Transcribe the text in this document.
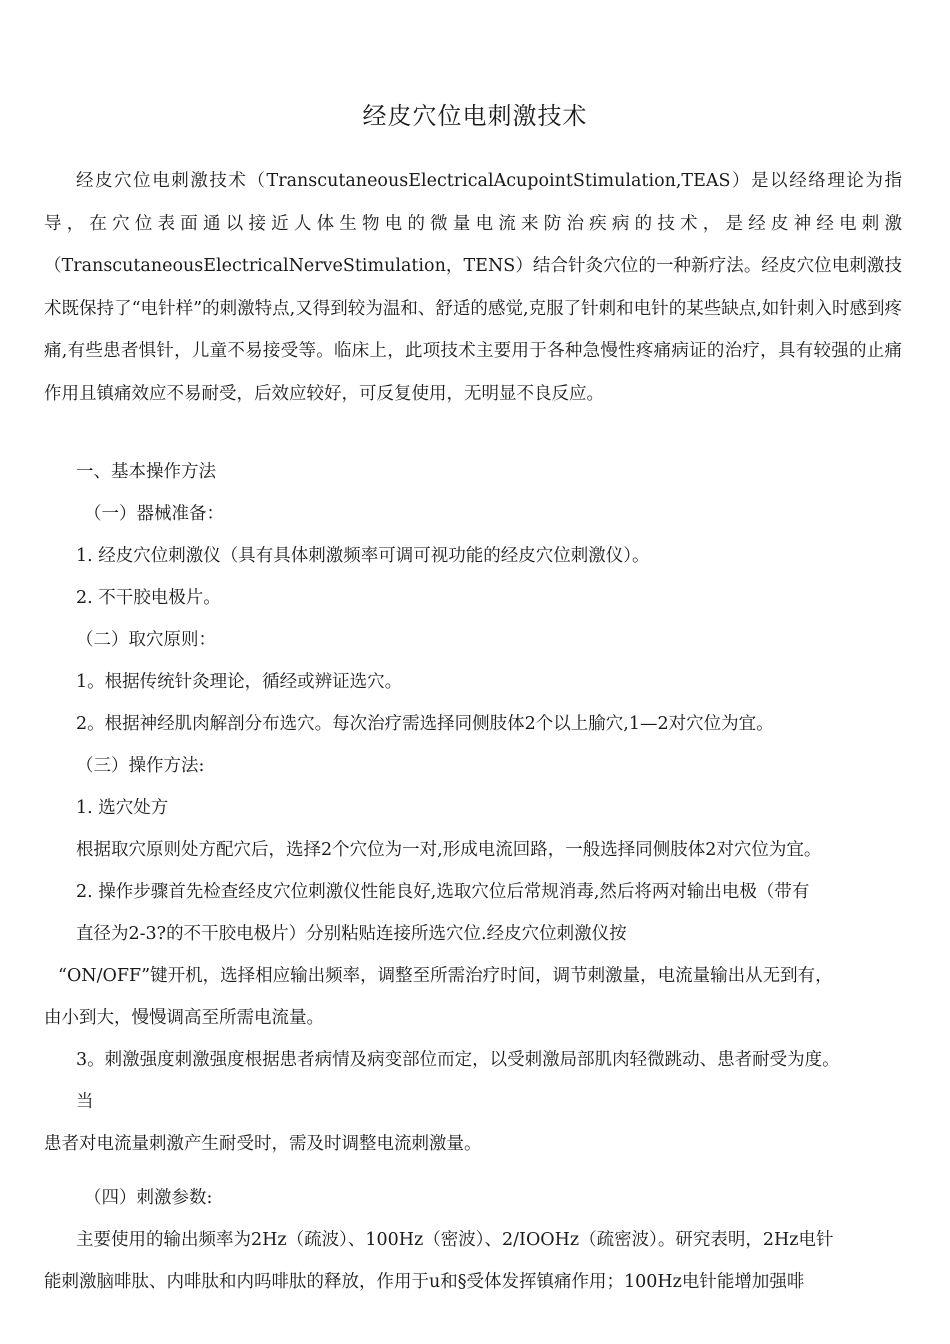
经皮穴位电刺激技术

经皮穴位电刺激技术（TranscutaneousElectricalAcupointStimulation,TEAS）是以经络理论为指导，在穴位表面通以接近人体生物电的微量电流来防治疾病的技术，是经皮神经电刺激（TranscutaneousElectricalNerveStimulation，TENS）结合针灸穴位的一种新疗法。经皮穴位电刺激技术既保持了“电针样”的刺激特点,又得到较为温和、舒适的感觉,克服了针刺和电针的某些缺点,如针刺入时感到疼痛,有些患者惧针，儿童不易接受等。临床上，此项技术主要用于各种急慢性疼痛病证的治疗，具有较强的止痛作用且镇痛效应不易耐受，后效应较好，可反复使用，无明显不良反应。

一、基本操作方法

（一）器械准备：

1. 经皮穴位刺激仪（具有具体刺激频率可调可视功能的经皮穴位刺激仪）。

2. 不干胶电极片。

（二）取穴原则：

1。根据传统针灸理论，循经或辨证选穴。

2。根据神经肌肉解剖分布选穴。每次治疗需选择同侧肢体2个以上腧穴,1—2对穴位为宜。

（三）操作方法:

1. 选穴处方

根据取穴原则处方配穴后，选择2个穴位为一对,形成电流回路，一般选择同侧肢体2对穴位为宜。

2. 操作步骤首先检查经皮穴位刺激仪性能良好,选取穴位后常规消毒,然后将两对输出电极（带有

直径为2-3?的不干胶电极片）分别粘贴连接所选穴位.经皮穴位刺激仪按

“ON/OFF”键开机，选择相应输出频率，调整至所需治疗时间，调节刺激量，电流量输出从无到有，

由小到大，慢慢调高至所需电流量。

3。刺激强度刺激强度根据患者病情及病变部位而定，以受刺激局部肌肉轻微跳动、患者耐受为度。

当

患者对电流量刺激产生耐受时，需及时调整电流刺激量。

（四）刺激参数:

主要使用的输出频率为2Hz（疏波）、100Hz（密波）、2/IOOHz（疏密波）。研究表明，2Hz电针

能刺激脑啡肽、内啡肽和内吗啡肽的释放，作用于u和§受体发挥镇痛作用；100Hz电针能增加强啡
